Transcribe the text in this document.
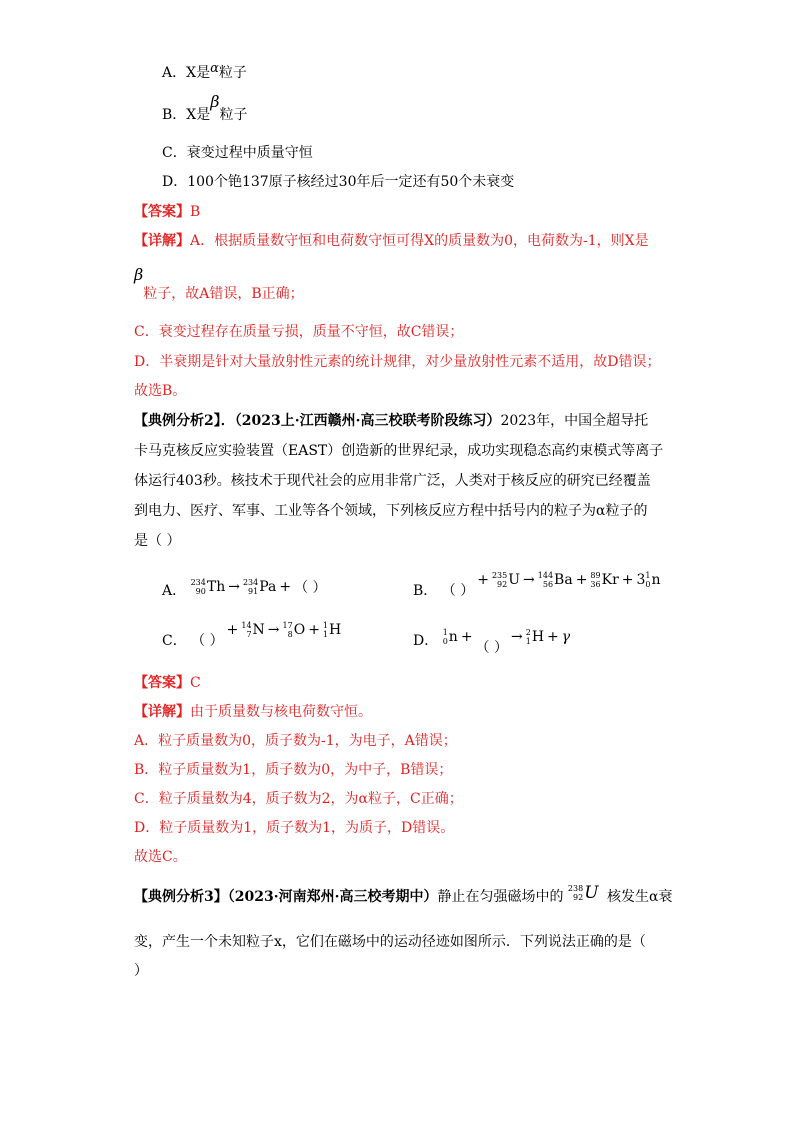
A．X是α粒子
B．X是β粒子
C．衰变过程中质量守恒
D．100个铯137原子核经过30年后一定还有50个未衰变
【答案】B
【详解】A．根据质量数守恒和电荷数守恒可得X的质量数为0，电荷数为-1，则X是
β粒子，故A错误，B正确；
C．衰变过程存在质量亏损，质量不守恒，故C错误；
D．半衰期是针对大量放射性元素的统计规律，对少量放射性元素不适用，故D错误；
故选B。
【典例分析2】．（2023上·江西赣州·高三校联考阶段练习）2023年，中国全超导托
卡马克核反应实验装置（EAST）创造新的世界纪录，成功实现稳态高约束模式等离子
体运行403秒。核技术于现代社会的应用非常广泛，人类对于核反应的研究已经覆盖
到电力、医疗、军事、工业等各个领域，下列核反应方程中括号内的粒子为α粒子的
是（ ）
A．
234
90 Th → 234
91 Pa + （ ）	B． （ ）
+ 235
92 U → 144
56 Ba + 89
36 Kr + 3 1
0 n
C． （ ）
+ 14
7 N → 17
8 O + 1
1 H
D．
1
0 n +
（ ）
→ 2
1 H + γ
【答案】C
【详解】由于质量数与核电荷数守恒。
A．粒子质量数为0，质子数为-1，为电子，A错误；
B．粒子质量数为1，质子数为0，为中子，B错误；
C．粒子质量数为4，质子数为2，为α粒子，C正确；
D．粒子质量数为1，质子数为1，为质子，D错误。
故选C。
【典例分析3】（2023·河南郑州·高三校考期中）静止在匀强磁场中的
238
92 U 核发生α衰
变，产生一个未知粒子x，它们在磁场中的运动径迹如图所示．下列说法正确的是（
）
